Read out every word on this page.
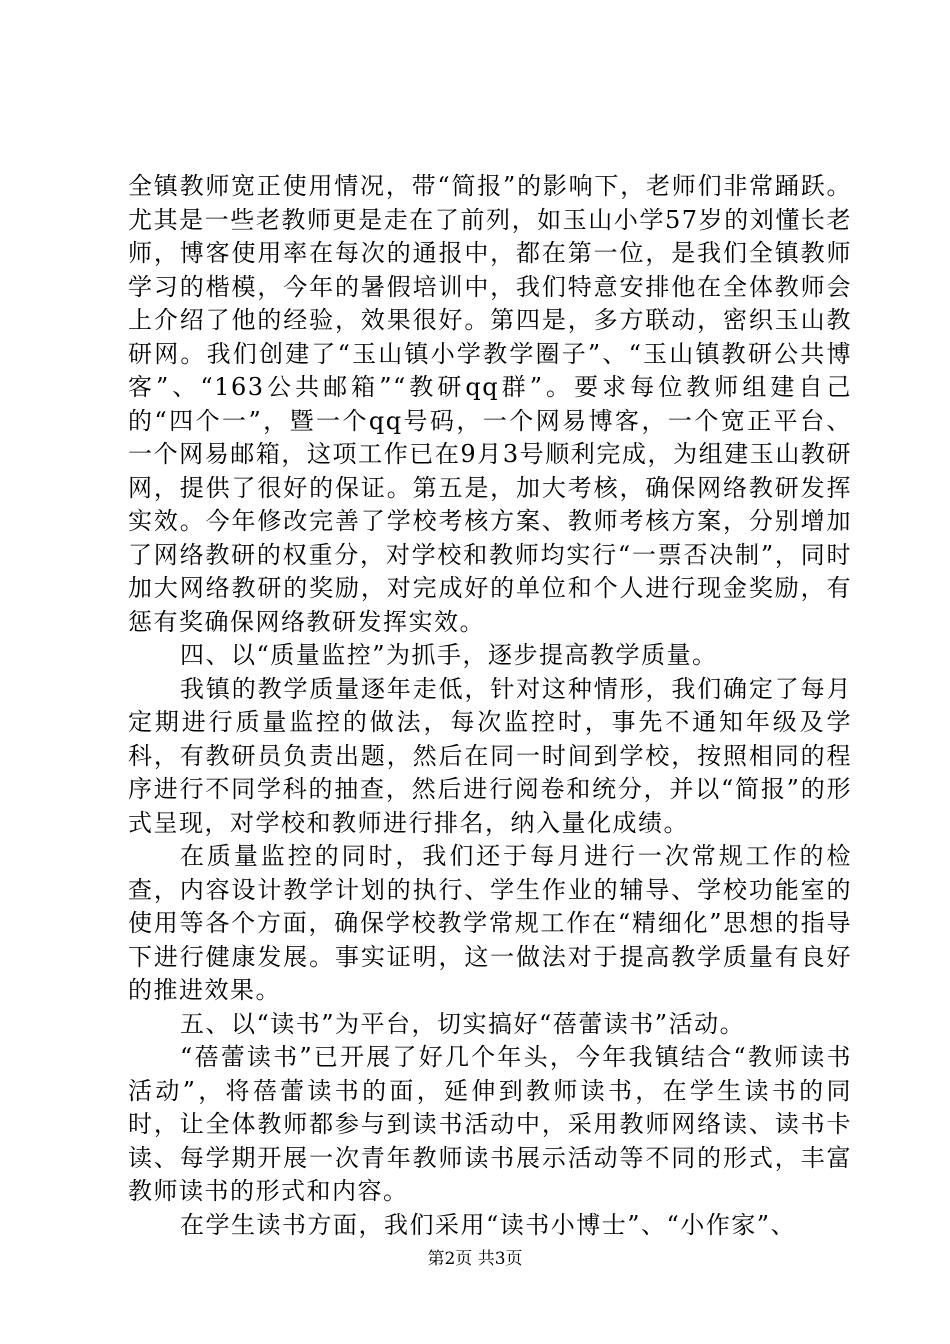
全镇教师宽正使用情况，带“简报”的影响下，老师们非常踊跃。尤其是一些老教师更是走在了前列，如玉山小学57岁的刘懂长老师，博客使用率在每次的通报中，都在第一位，是我们全镇教师学习的楷模，今年的暑假培训中，我们特意安排他在全体教师会上介绍了他的经验，效果很好。第四是，多方联动，密织玉山教研网。我们创建了“玉山镇小学教学圈子”、“玉山镇教研公共博客”、“163公共邮箱”“教研qq群”。要求每位教师组建自己的“四个一”，暨一个qq号码，一个网易博客，一个宽正平台、一个网易邮箱，这项工作已在9月3号顺利完成，为组建玉山教研网，提供了很好的保证。第五是，加大考核，确保网络教研发挥实效。今年修改完善了学校考核方案、教师考核方案，分别增加了网络教研的权重分，对学校和教师均实行“一票否决制”，同时加大网络教研的奖励，对完成好的单位和个人进行现金奖励，有惩有奖确保网络教研发挥实效。

四、以“质量监控”为抓手，逐步提高教学质量。

我镇的教学质量逐年走低，针对这种情形，我们确定了每月定期进行质量监控的做法，每次监控时，事先不通知年级及学科，有教研员负责出题，然后在同一时间到学校，按照相同的程序进行不同学科的抽查，然后进行阅卷和统分，并以“简报”的形式呈现，对学校和教师进行排名，纳入量化成绩。

在质量监控的同时，我们还于每月进行一次常规工作的检查，内容设计教学计划的执行、学生作业的辅导、学校功能室的使用等各个方面，确保学校教学常规工作在“精细化”思想的指导下进行健康发展。事实证明，这一做法对于提高教学质量有良好的推进效果。

五、以“读书”为平台，切实搞好“蓓蕾读书”活动。

“蓓蕾读书”已开展了好几个年头，今年我镇结合“教师读书活动”，将蓓蕾读书的面，延伸到教师读书，在学生读书的同时，让全体教师都参与到读书活动中，采用教师网络读、读书卡读、每学期开展一次青年教师读书展示活动等不同的形式，丰富教师读书的形式和内容。

在学生读书方面，我们采用“读书小博士”、“小作家”、

第2页 共3页
